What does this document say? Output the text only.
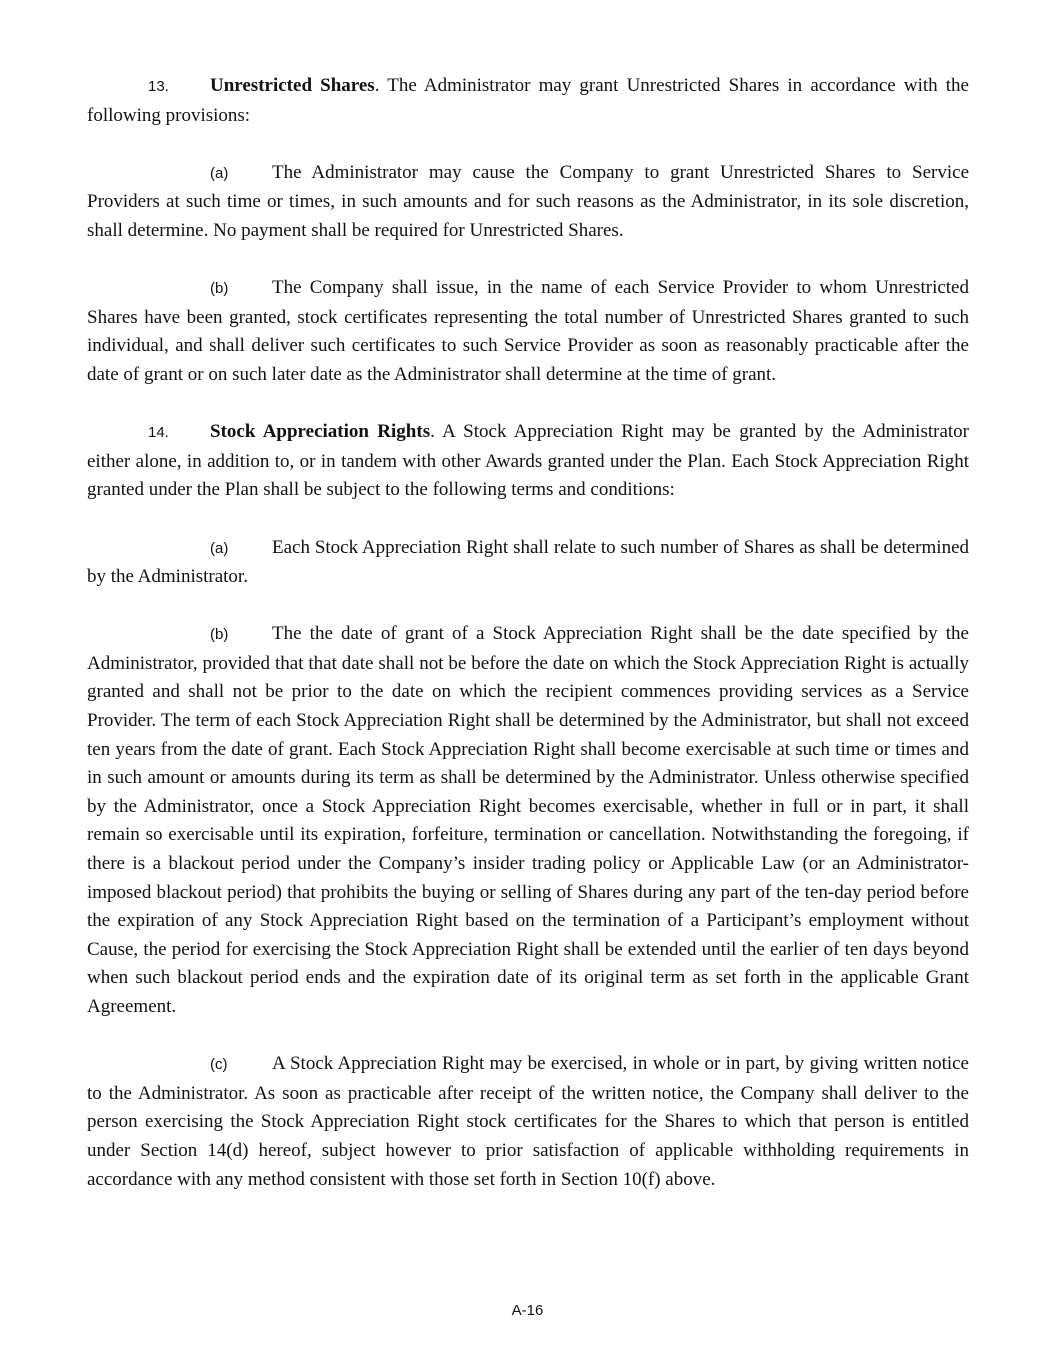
13. Unrestricted Shares. The Administrator may grant Unrestricted Shares in accordance with the following provisions:

(a) The Administrator may cause the Company to grant Unrestricted Shares to Service Providers at such time or times, in such amounts and for such reasons as the Administrator, in its sole discretion, shall determine. No payment shall be required for Unrestricted Shares.

(b) The Company shall issue, in the name of each Service Provider to whom Unrestricted Shares have been granted, stock certificates representing the total number of Unrestricted Shares granted to such individual, and shall deliver such certificates to such Service Provider as soon as reasonably practicable after the date of grant or on such later date as the Administrator shall determine at the time of grant.

14. Stock Appreciation Rights. A Stock Appreciation Right may be granted by the Administrator either alone, in addition to, or in tandem with other Awards granted under the Plan. Each Stock Appreciation Right granted under the Plan shall be subject to the following terms and conditions:

(a) Each Stock Appreciation Right shall relate to such number of Shares as shall be determined by the Administrator.

(b) The the date of grant of a Stock Appreciation Right shall be the date specified by the Administrator, provided that that date shall not be before the date on which the Stock Appreciation Right is actually granted and shall not be prior to the date on which the recipient commences providing services as a Service Provider. The term of each Stock Appreciation Right shall be determined by the Administrator, but shall not exceed ten years from the date of grant. Each Stock Appreciation Right shall become exercisable at such time or times and in such amount or amounts during its term as shall be determined by the Administrator. Unless otherwise specified by the Administrator, once a Stock Appreciation Right becomes exercisable, whether in full or in part, it shall remain so exercisable until its expiration, forfeiture, termination or cancellation. Notwithstanding the foregoing, if there is a blackout period under the Company’s insider trading policy or Applicable Law (or an Administrator-imposed blackout period) that prohibits the buying or selling of Shares during any part of the ten-day period before the expiration of any Stock Appreciation Right based on the termination of a Participant’s employment without Cause, the period for exercising the Stock Appreciation Right shall be extended until the earlier of ten days beyond when such blackout period ends and the expiration date of its original term as set forth in the applicable Grant Agreement.

(c) A Stock Appreciation Right may be exercised, in whole or in part, by giving written notice to the Administrator. As soon as practicable after receipt of the written notice, the Company shall deliver to the person exercising the Stock Appreciation Right stock certificates for the Shares to which that person is entitled under Section 14(d) hereof, subject however to prior satisfaction of applicable withholding requirements in accordance with any method consistent with those set forth in Section 10(f) above.

A-16
